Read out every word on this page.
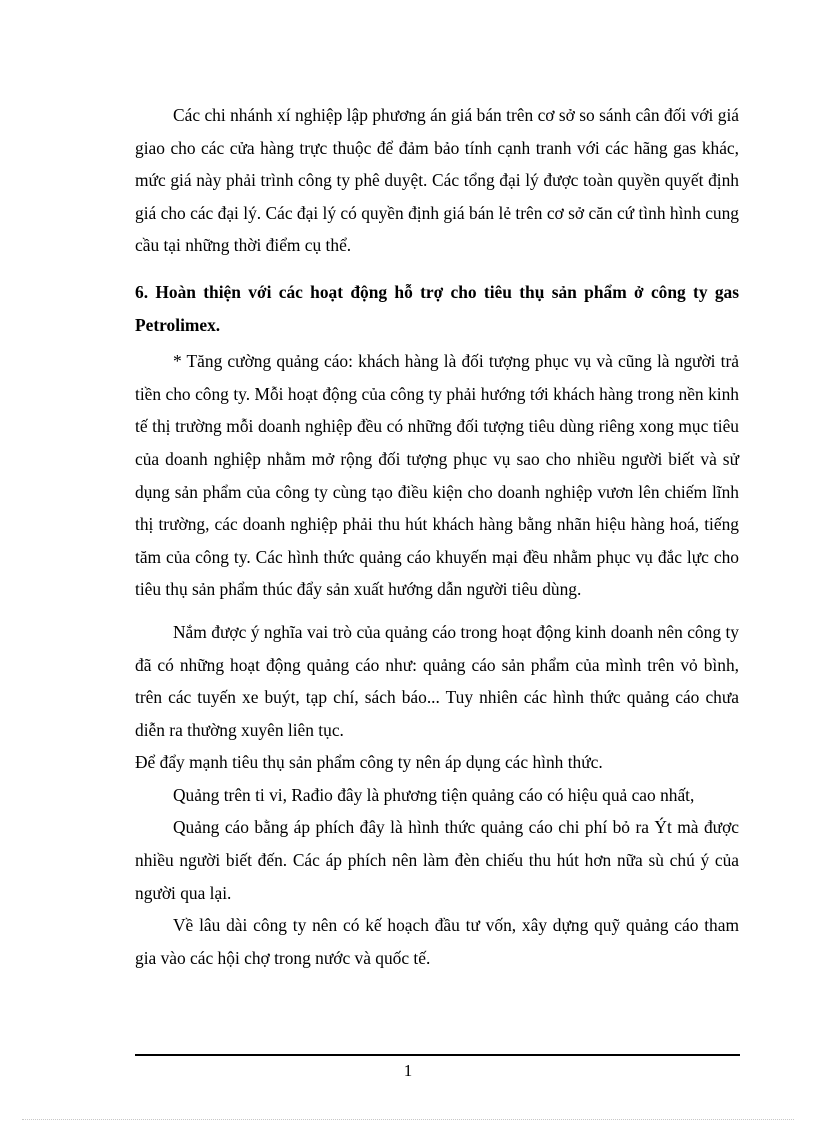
Các chi nhánh xí nghiệp lập phương án giá bán trên cơ sở so sánh cân đối với giá giao cho các cửa hàng trực thuộc để đảm bảo tính cạnh tranh với các hãng gas khác, mức giá này phải trình công ty phê duyệt. Các tổng đại lý được toàn quyền quyết định giá cho các đại lý. Các đại lý có quyền định giá bán lẻ trên cơ sở căn cứ tình hình cung cầu tại những thời điểm cụ thể.

6. Hoàn thiện với các hoạt động hỗ trợ cho tiêu thụ sản phẩm ở công ty gas Petrolimex.

* Tăng cường quảng cáo: khách hàng là đối tượng phục vụ và cũng là người trả tiền cho công ty. Mỗi hoạt động của công ty phải hướng tới khách hàng trong nền kinh tế thị trường mỗi doanh nghiệp đều có những đối tượng tiêu dùng riêng xong mục tiêu của doanh nghiệp nhằm mở rộng đối tượng phục vụ sao cho nhiều người biết và sử dụng sản phẩm của công ty cùng tạo điều kiện cho doanh nghiệp vươn lên chiếm lĩnh thị trường, các doanh nghiệp phải thu hút khách hàng bằng nhãn hiệu hàng hoá, tiếng tăm của công ty. Các hình thức quảng cáo khuyến mại đều nhằm phục vụ đắc lực cho tiêu thụ sản phẩm thúc đẩy sản xuất hướng dẫn người tiêu dùng.

Nắm được ý nghĩa vai trò của quảng cáo trong hoạt động kinh doanh nên công ty đã có những hoạt động quảng cáo như: quảng cáo sản phẩm của mình trên vỏ bình, trên các tuyến xe buýt, tạp chí, sách báo... Tuy nhiên các hình thức quảng cáo chưa diễn ra thường xuyên liên tục.

Để đẩy mạnh tiêu thụ sản phẩm công ty nên áp dụng các hình thức.

Quảng trên ti vi, Rađio đây là phương tiện quảng cáo có hiệu quả cao nhất,

Quảng cáo bằng áp phích đây là hình thức quảng cáo chi phí bỏ ra Ýt mà được nhiều người biết đến. Các áp phích nên làm đèn chiếu thu hút hơn nữa sù chú ý của người qua lại.

Về lâu dài công ty nên có kế hoạch đầu tư vốn, xây dựng quỹ quảng cáo tham gia vào các hội chợ trong nước và quốc tế.

1
